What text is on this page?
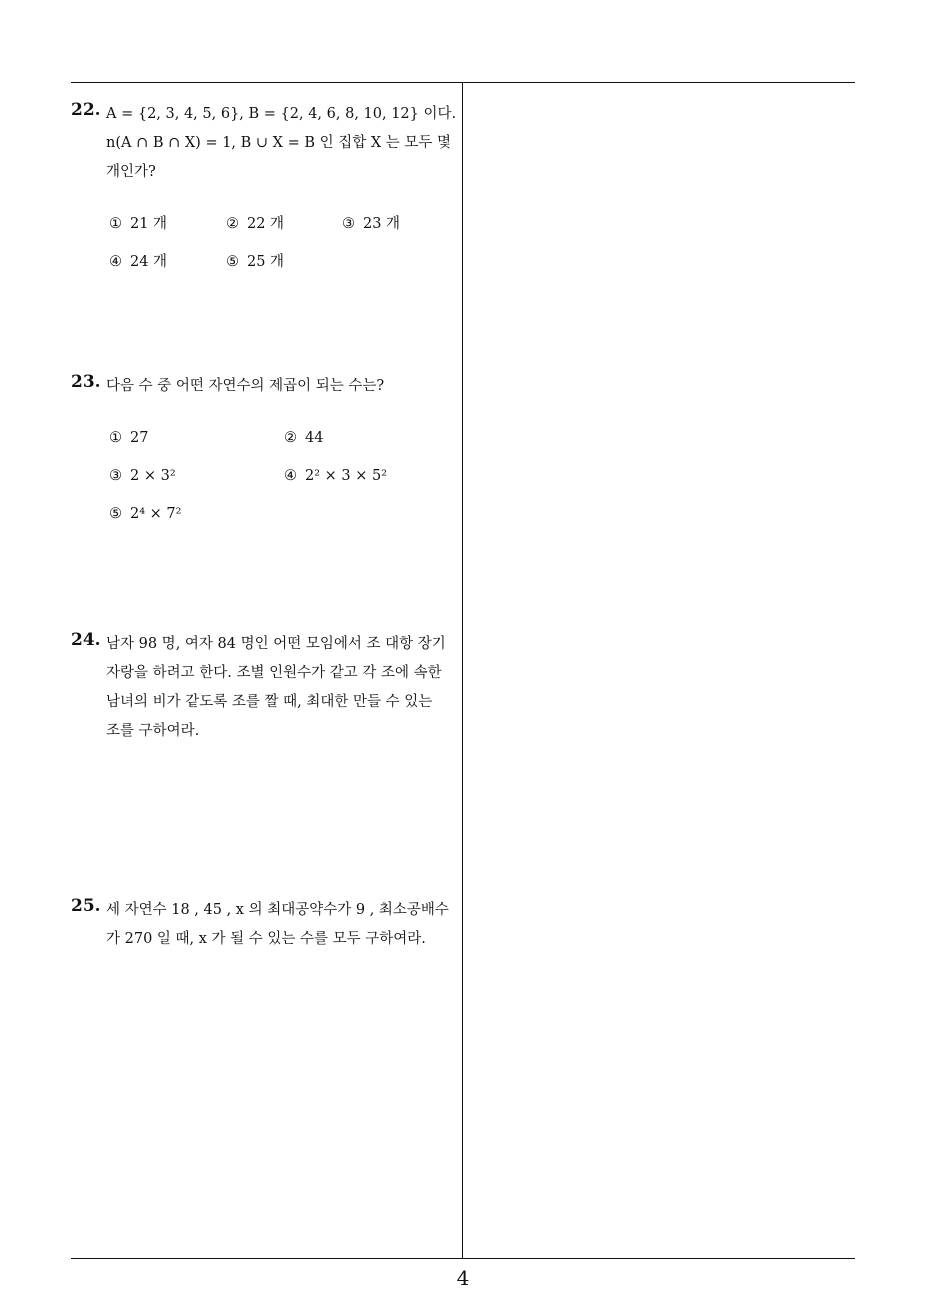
22. A = {2, 3, 4, 5, 6}, B = {2, 4, 6, 8, 10, 12} 이다.
n(A ∩ B ∩ X) = 1, B ∪ X = B 인 집합 X 는 모두 몇
개인가?
① 21 개	② 22 개	③ 23 개
④ 24 개	⑤ 25 개
23. 다음 수 중 어떤 자연수의 제곱이 되는 수는?
① 27	② 44
③ 2 × 3²	④ 2² × 3 × 5²
⑤ 2⁴ × 7²
24. 남자 98 명, 여자 84 명인 어떤 모임에서 조 대항 장기
자랑을 하려고 한다. 조별 인원수가 같고 각 조에 속한
남녀의 비가 같도록 조를 짤 때, 최대한 만들 수 있는
조를 구하여라.
25. 세 자연수 18 , 45 , x 의 최대공약수가 9 , 최소공배수
가 270 일 때, x 가 될 수 있는 수를 모두 구하여라.
4
